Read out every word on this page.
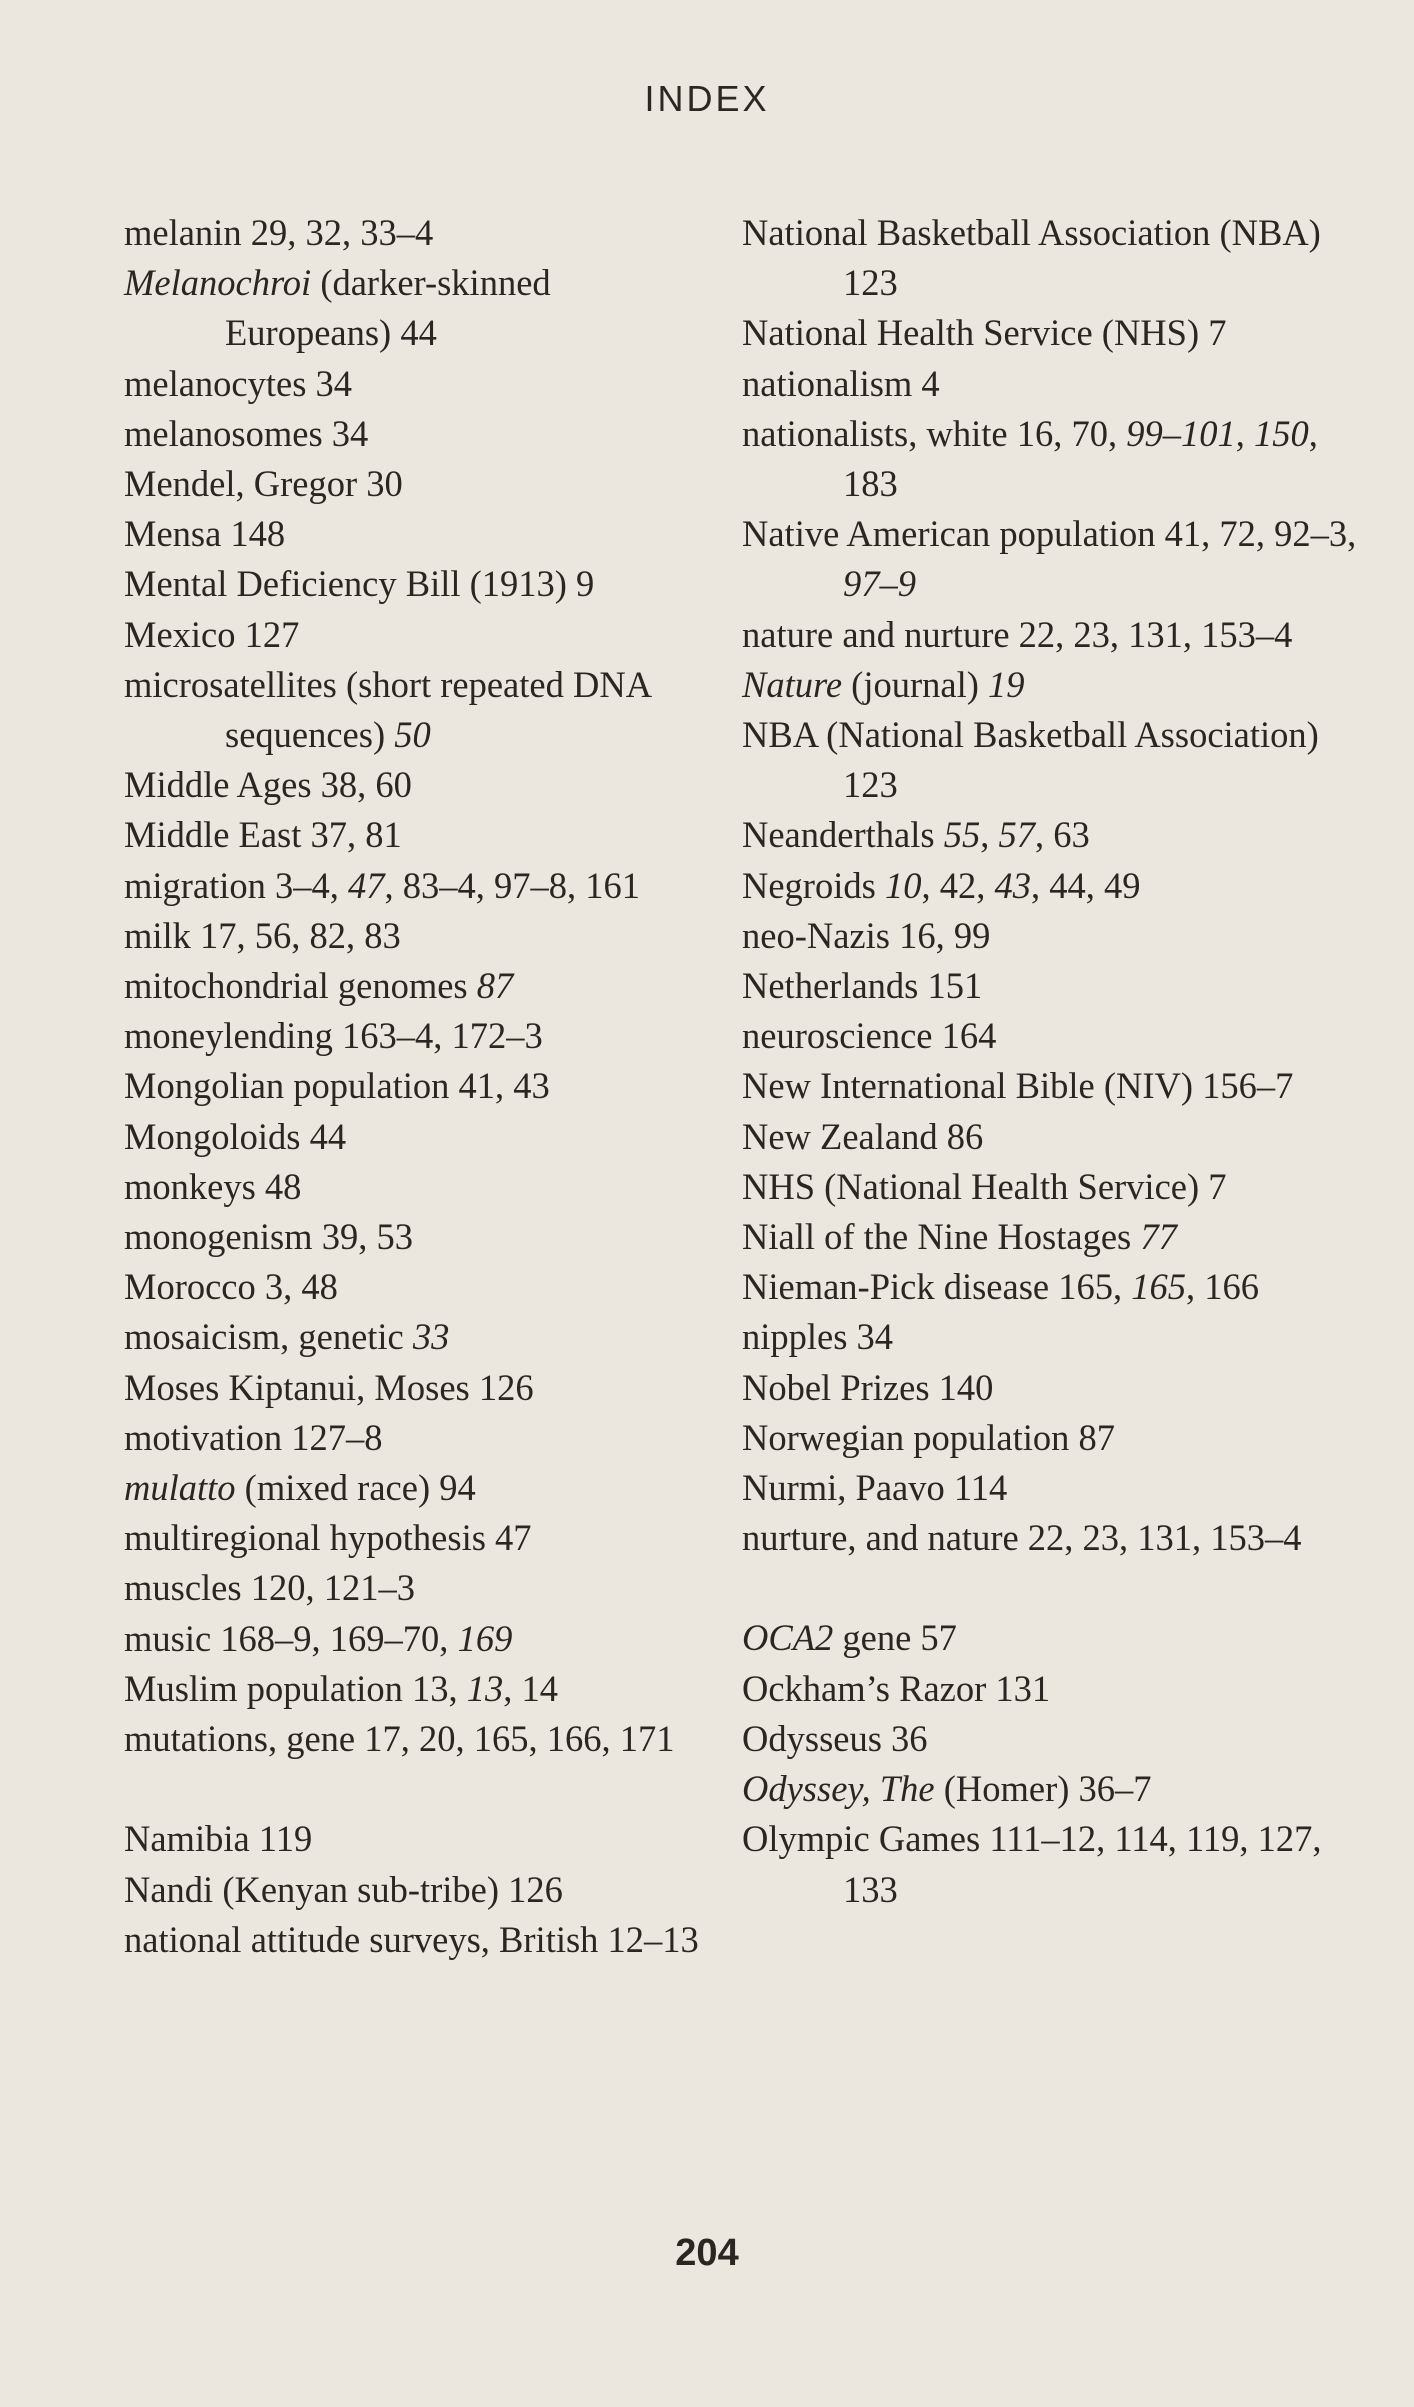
INDEX
melanin 29, 32, 33–4
Melanochroi (darker-skinned Europeans) 44
melanocytes 34
melanosomes 34
Mendel, Gregor 30
Mensa 148
Mental Deficiency Bill (1913) 9
Mexico 127
microsatellites (short repeated DNA sequences) 50
Middle Ages 38, 60
Middle East 37, 81
migration 3–4, 47, 83–4, 97–8, 161
milk 17, 56, 82, 83
mitochondrial genomes 87
moneylending 163–4, 172–3
Mongolian population 41, 43
Mongoloids 44
monkeys 48
monogenism 39, 53
Morocco 3, 48
mosaicism, genetic 33
Moses Kiptanui, Moses 126
motivation 127–8
mulatto (mixed race) 94
multiregional hypothesis 47
muscles 120, 121–3
music 168–9, 169–70, 169
Muslim population 13, 13, 14
mutations, gene 17, 20, 165, 166, 171
Namibia 119
Nandi (Kenyan sub-tribe) 126
national attitude surveys, British 12–13
National Basketball Association (NBA) 123
National Health Service (NHS) 7
nationalism 4
nationalists, white 16, 70, 99–101, 150, 183
Native American population 41, 72, 92–3, 97–9
nature and nurture 22, 23, 131, 153–4
Nature (journal) 19
NBA (National Basketball Association) 123
Neanderthals 55, 57, 63
Negroids 10, 42, 43, 44, 49
neo-Nazis 16, 99
Netherlands 151
neuroscience 164
New International Bible (NIV) 156–7
New Zealand 86
NHS (National Health Service) 7
Niall of the Nine Hostages 77
Nieman-Pick disease 165, 165, 166
nipples 34
Nobel Prizes 140
Norwegian population 87
Nurmi, Paavo 114
nurture, and nature 22, 23, 131, 153–4
OCA2 gene 57
Ockham’s Razor 131
Odysseus 36
Odyssey, The (Homer) 36–7
Olympic Games 111–12, 114, 119, 127, 133
204
